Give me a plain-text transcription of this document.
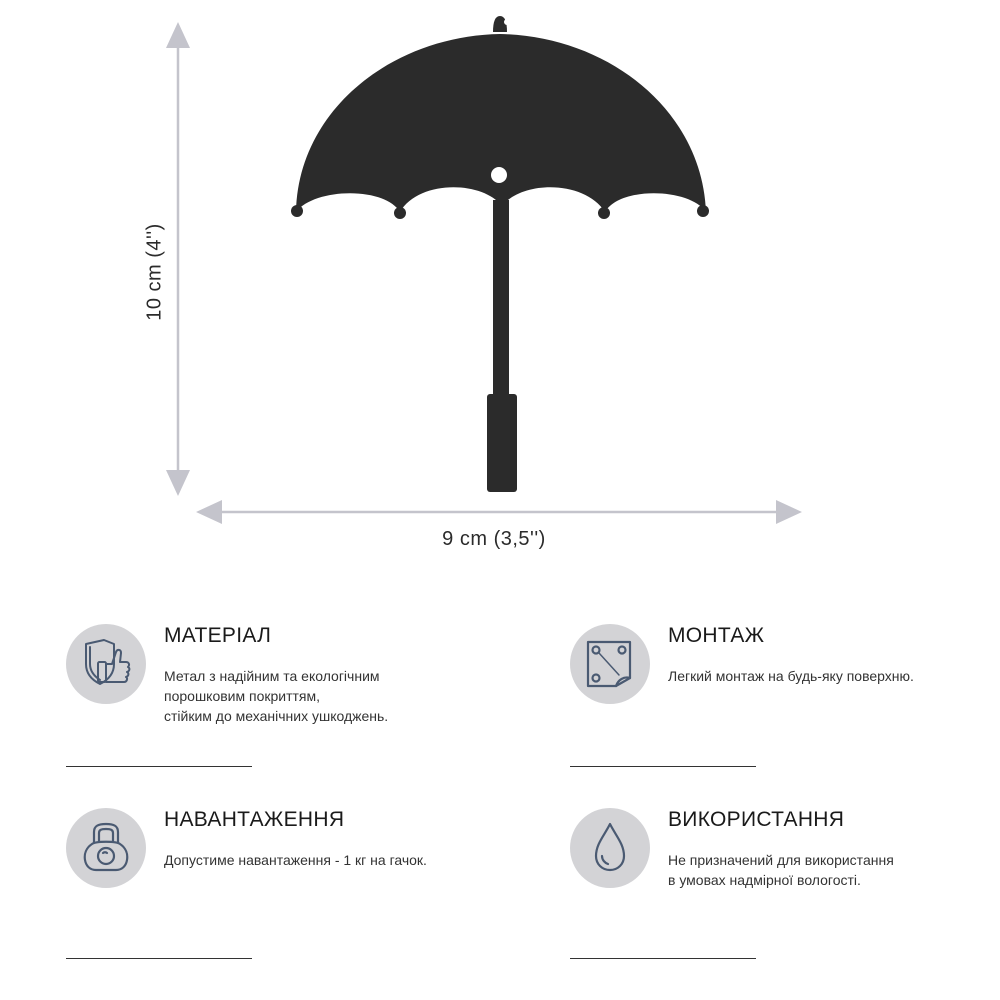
10 cm (4'')
9 cm (3,5'')
МАТЕРІАЛ
Метал з надійним та екологічним
порошковим покриттям,
стійким до механічних ушкоджень.
МОНТАЖ
Легкий монтаж на будь-яку поверхню.
НАВАНТАЖЕННЯ
Допустиме навантаження - 1 кг на гачок.
ВИКОРИСТАННЯ
Не призначений для використання
в умовах надмірної вологості.
